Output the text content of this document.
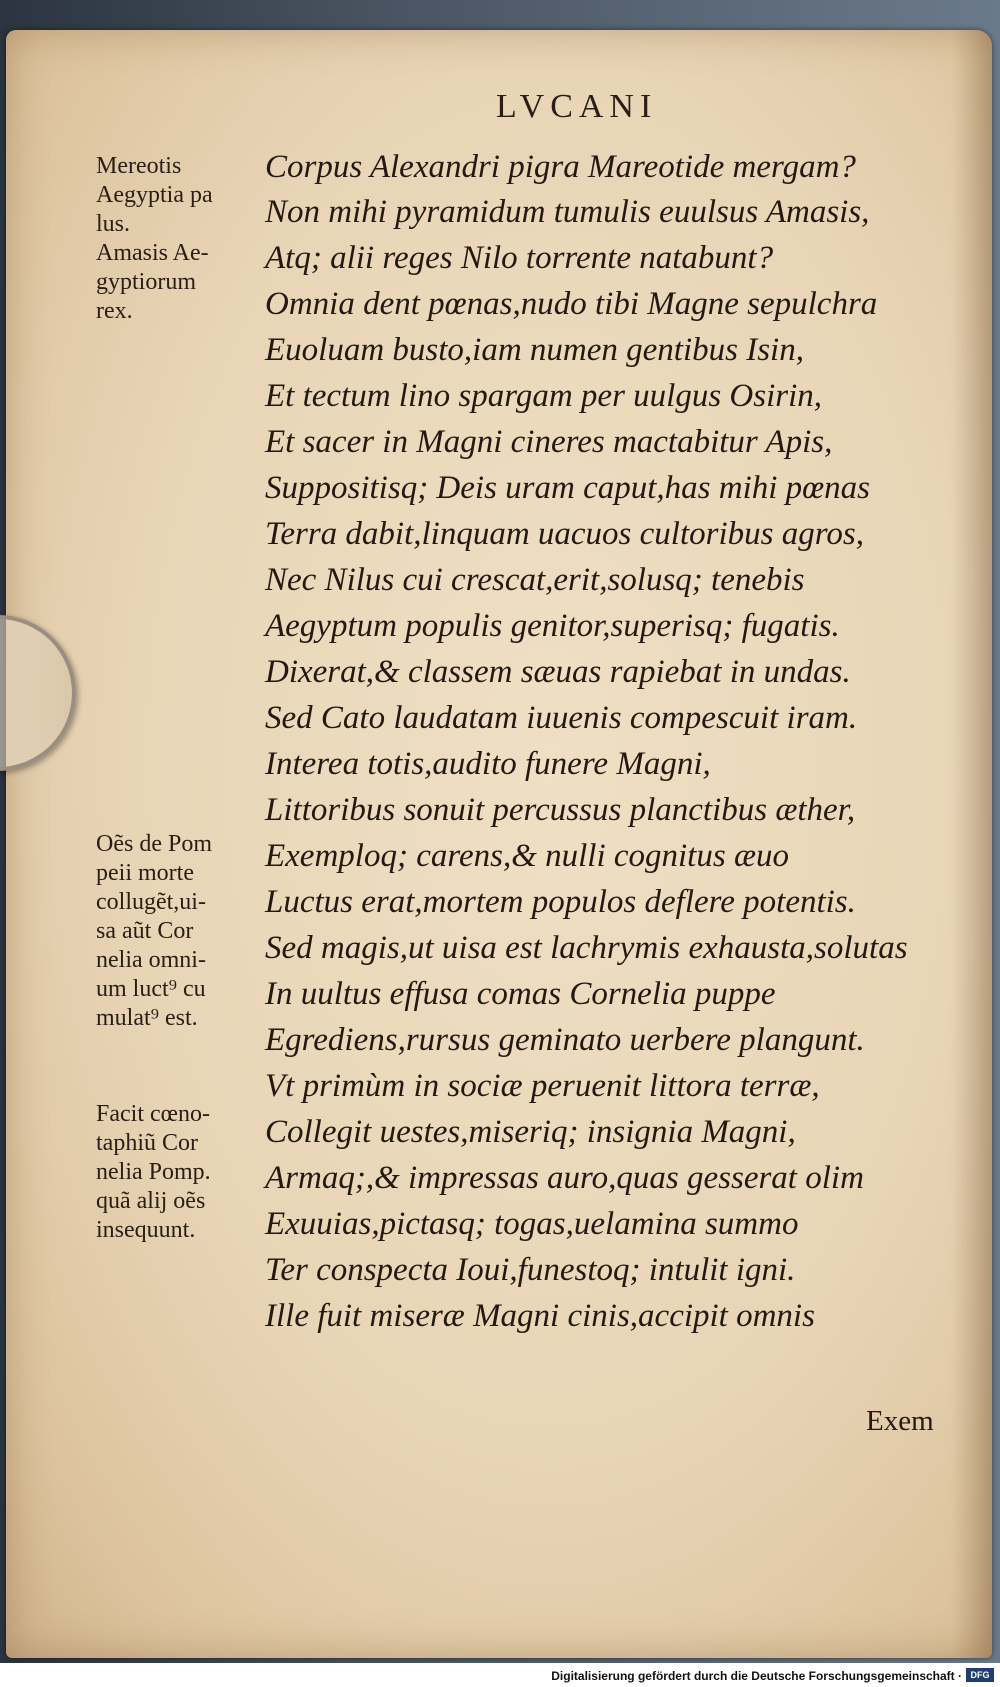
LVCANI
Corpus Alexandri pigra Mareotide mergam?
Non mihi pyramidum tumulis euulsus Amasis,
Atq; alii reges Nilo torrente natabunt?
Omnia dent pœnas,nudo tibi Magne sepulchra
Euoluam busto,iam numen gentibus Isin,
Et tectum lino spargam per uulgus Osirin,
Et sacer in Magni cineres mactabitur Apis,
Suppositisq; Deis uram caput,has mihi pœnas
Terra dabit,linquam uacuos cultoribus agros,
Nec Nilus cui crescat,erit,solusq; tenebis
Aegyptum populis genitor,superisq; fugatis.
Dixerat,& classem sæuas rapiebat in undas.
Sed Cato laudatam iuuenis compescuit iram.
Interea totis,audito funere Magni,
Littoribus sonuit percussus planctibus æther,
Exemploq; carens,& nulli cognitus æuo
Luctus erat,mortem populos deflere potentis.
Sed magis,ut uisa est lachrymis exhausta,solutas
In uultus effusa comas Cornelia puppe
Egrediens,rursus geminato uerbere plangunt.
Vt primùm in sociæ peruenit littora terræ,
Collegit uestes,miseriq; insignia Magni,
Armaq;,& impressas auro,quas gesserat olim
Exuuias,pictasq; togas,uelamina summo
Ter conspecta Ioui,funestoq; intulit igni.
Ille fuit miseræ Magni cinis,accipit omnis
Mereotis
Aegyptia pa
lus.
Amasis Ae-
gyptiorum
rex.
Oẽs de Pom
peii morte
collugẽt,ui-
sa aũt Cor
nelia omni-
um luct⁹ cu
mulat⁹ est.
Facit cœno-
taphiũ Cor
nelia Pomp.
quã alij oẽs
insequunt.
Exem
Digitalisierung gefördert durch die Deutsche Forschungsgemeinschaft · DFG
